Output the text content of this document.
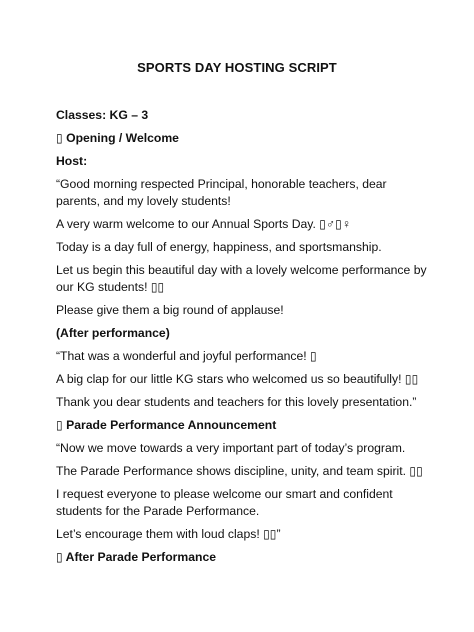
SPORTS DAY HOSTING SCRIPT

Classes: KG – 3

▯ Opening / Welcome

Host:

“Good morning respected Principal, honorable teachers, dear parents, and my lovely students!

A very warm welcome to our Annual Sports Day. ▯♂▯♀

Today is a day full of energy, happiness, and sportsmanship.

Let us begin this beautiful day with a lovely welcome performance by our KG students! ▯▯

Please give them a big round of applause!

(After performance)

“That was a wonderful and joyful performance! ▯

A big clap for our little KG stars who welcomed us so beautifully! ▯▯

Thank you dear students and teachers for this lovely presentation.”

▯ Parade Performance Announcement

“Now we move towards a very important part of today’s program.

The Parade Performance shows discipline, unity, and team spirit. ▯▯

I request everyone to please welcome our smart and confident students for the Parade Performance.

Let’s encourage them with loud claps! ▯▯”

▯ After Parade Performance
